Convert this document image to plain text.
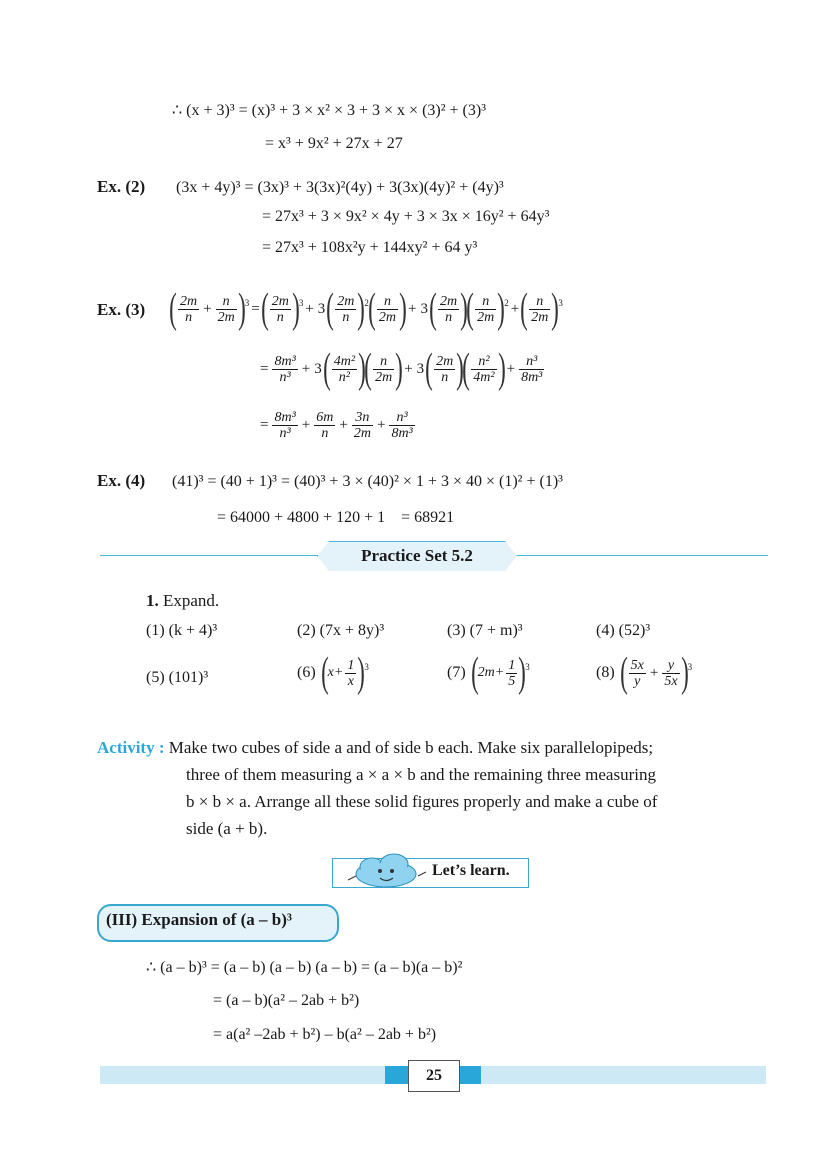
∴ (x + 3)³ = (x)³ + 3 × x² × 3 + 3 × x × (3)² + (3)³
= x³ + 9x² + 27x + 27
Ex. (2) (3x + 4y)³ = (3x)³ + 3(3x)²(4y) + 3(3x)(4y)² + (4y)³
= 27x³ + 3 × 9x² × 4y + 3 × 3x × 16y² + 64y³
= 27x³ + 108x²y + 144xy² + 64 y³
Ex. (3) ( $\frac{2m}{n} + \frac{n}{2m}$ ) 3 = ( $\frac{2m}{n}$ ) 3 + 3 ( $\frac{2m}{n}$ ) 2 ( $\frac{n}{2m}$ ) + 3 ( $\frac{2m}{n}$ )
( $\frac{n}{2m}$ ) 2 + ( $\frac{n}{2m}$ ) 3
= $\frac{\text{8m³}}{\text{n³}} + 3$ ( $\frac{\text{4m²}}{\text{n²}}$ )
( $\frac{n}{2m}$ ) + 3 ( $\frac{2m}{n}$ )
( $\frac{\text{n²}}{\text{4m²}}$ ) + $\frac{\text{n³}}{\text{8m³}}$
= $\frac{\text{8m³}}{\text{n³}} + \frac{6m}{n} + \frac{3n}{2m} + \frac{\text{n³}}{\text{8m³}}$
Ex. (4) (41)³ = (40 + 1)³ = (40)³ + 3 × (40)² × 1 + 3 × 40 × (1)² + (1)³
= 64000 + 4800 + 120 + 1    = 68921
Practice Set 5.2
1. Expand.
(1) (k + 4)³	(2) (7x + 8y)³	(3) (7 + m)³	(4) (52)³
(5) (101)³	(6) ( $x+ \frac{1}{x}$ ) 3	(7) ( $2m+ \frac{1}{5}$ ) 3	(8) ( $\frac{5x}{y} + \frac{y}{5x}$ ) 3
Activity : Make two cubes of side a and of side b each. Make six parallelopipeds;
three of them measuring a × a × b and the remaining three measuring
b × b × a. Arrange all these solid figures properly and make a cube of
side (a + b).
Let’s learn.
(III) Expansion of (a – b)³
∴ (a – b)³ = (a – b) (a – b) (a – b) = (a – b)(a – b)²
= (a – b)(a² – 2ab + b²)
= a(a² –2ab + b²) – b(a² – 2ab + b²)
25
